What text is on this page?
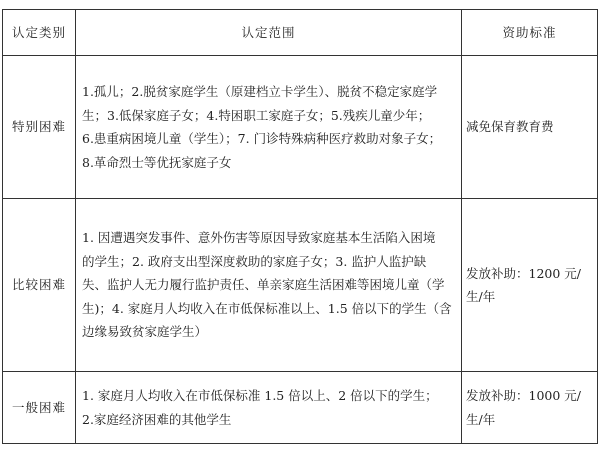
认定类别	认定范围	资助标准
特别困难	1.孤儿；2.脱贫家庭学生（原建档立卡学生）、脱贫不稳定家庭学
生；3.低保家庭子女；4.特困职工家庭子女；5.残疾儿童少年；
6.患重病困境儿童（学生）；7. 门诊特殊病种医疗救助对象子女；
8.革命烈士等优抚家庭子女	减免保育教育费

比较困难	1. 因遭遇突发事件、意外伤害等原因导致家庭基本生活陷入困境
的学生；2. 政府支出型深度救助的家庭子女；3. 监护人监护缺
失、监护人无力履行监护责任、单亲家庭生活困难等困境儿童（学
生)；4. 家庭月人均收入在市低保标准以上、1.5 倍以下的学生（含
边缘易致贫家庭学生）	发放补助：1200 元/
生/年

一般困难	1. 家庭月人均收入在市低保标准 1.5 倍以上、2 倍以下的学生；
2.家庭经济困难的其他学生	发放补助：1000 元/
生/年
